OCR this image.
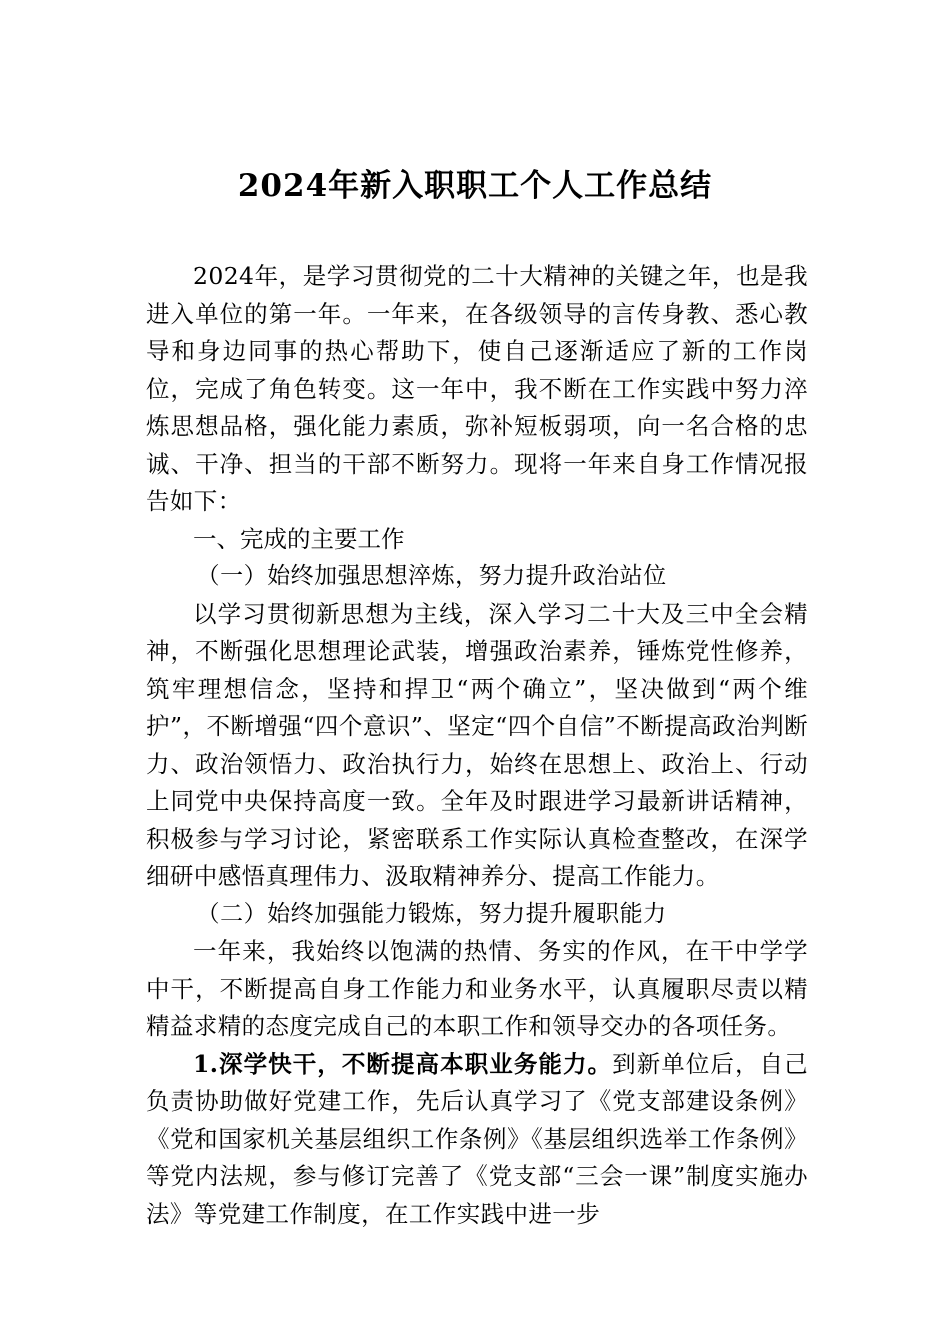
2024年新入职职工个人工作总结

2024年，是学习贯彻党的二十大精神的关键之年，也是我进入单位的第一年。一年来，在各级领导的言传身教、悉心教导和身边同事的热心帮助下，使自己逐渐适应了新的工作岗位，完成了角色转变。这一年中，我不断在工作实践中努力淬炼思想品格，强化能力素质，弥补短板弱项，向一名合格的忠诚、干净、担当的干部不断努力。现将一年来自身工作情况报告如下：

一、完成的主要工作

（一）始终加强思想淬炼，努力提升政治站位

以学习贯彻新思想为主线，深入学习二十大及三中全会精神，不断强化思想理论武装，增强政治素养，锤炼党性修养，筑牢理想信念，坚持和捍卫“两个确立”，坚决做到“两个维护”，不断增强“四个意识”、坚定“四个自信”不断提高政治判断力、政治领悟力、政治执行力，始终在思想上、政治上、行动上同党中央保持高度一致。全年及时跟进学习最新讲话精神，积极参与学习讨论，紧密联系工作实际认真检查整改，在深学细研中感悟真理伟力、汲取精神养分、提高工作能力。

（二）始终加强能力锻炼，努力提升履职能力

一年来，我始终以饱满的热情、务实的作风，在干中学学中干，不断提高自身工作能力和业务水平，认真履职尽责以精精益求精的态度完成自己的本职工作和领导交办的各项任务。

1.深学快干，不断提高本职业务能力。到新单位后，自己负责协助做好党建工作，先后认真学习了《党支部建设条例》《党和国家机关基层组织工作条例》《基层组织选举工作条例》等党内法规，参与修订完善了《党支部“三会一课”制度实施办法》等党建工作制度，在工作实践中进一步
